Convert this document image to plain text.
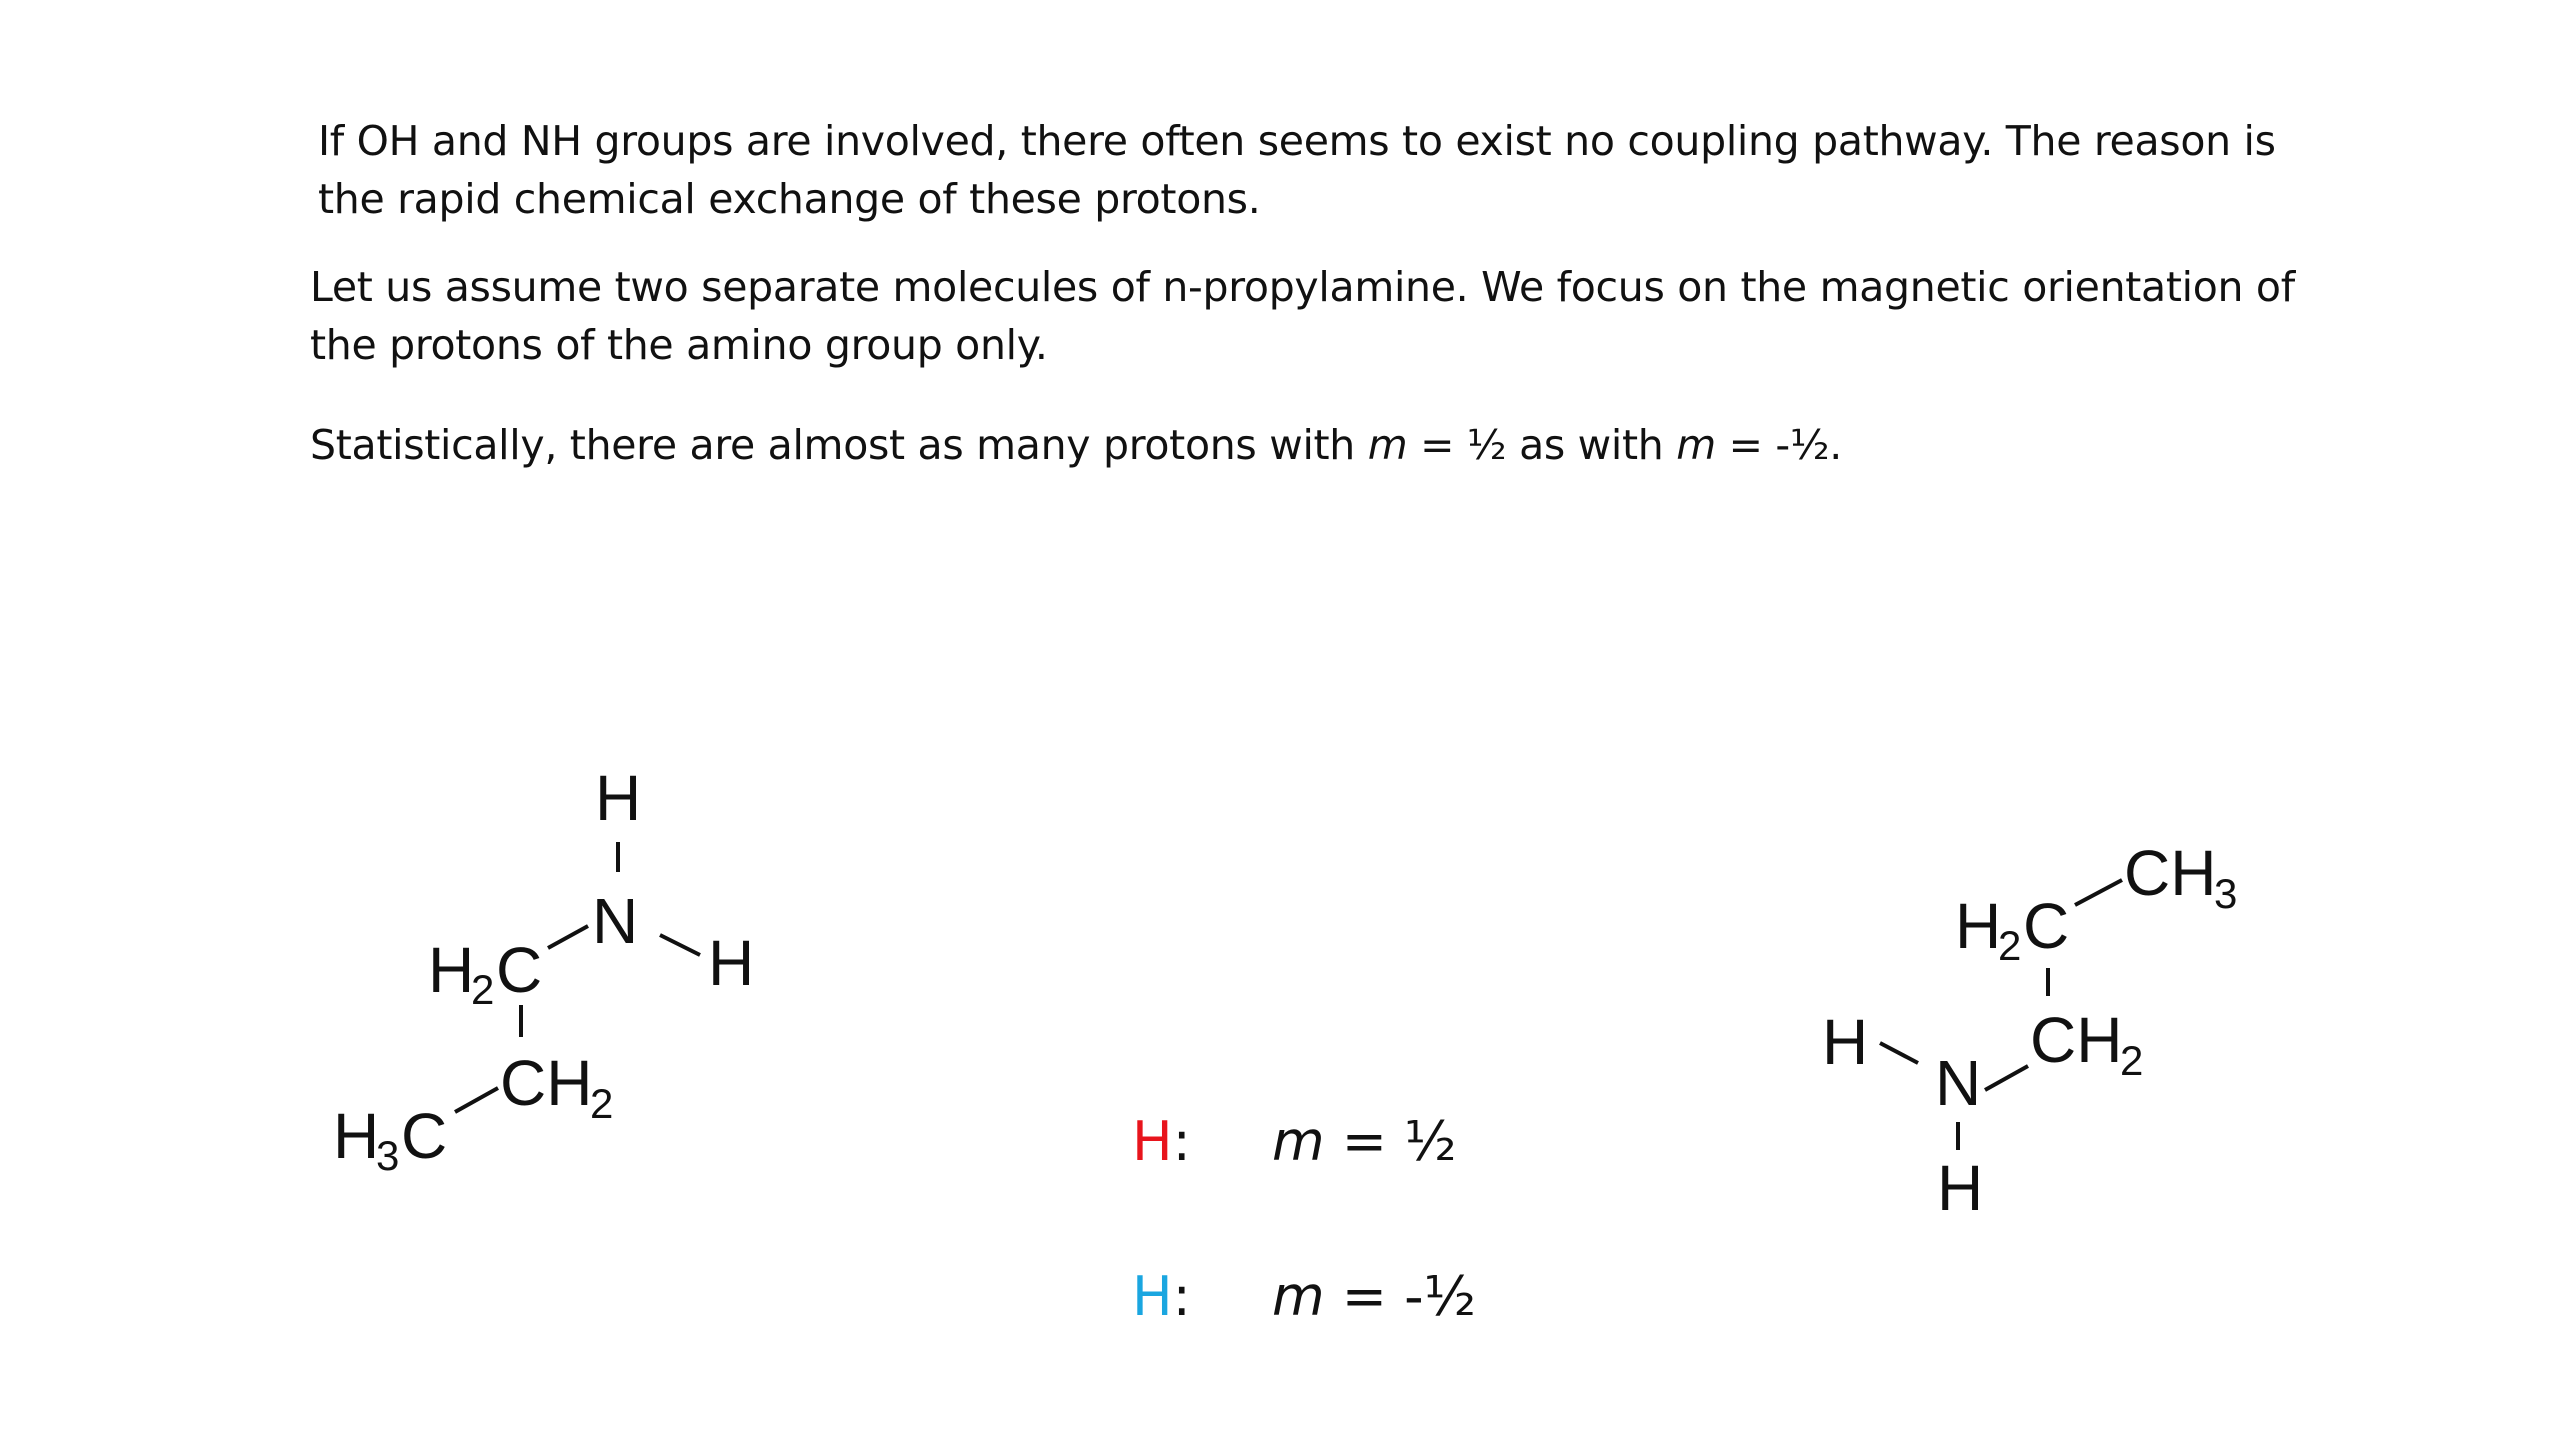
If OH and NH groups are involved, there often seems to exist no coupling pathway. The reason is
the rapid chemical exchange of these protons.

Let us assume two separate molecules of n-propylamine. We focus on the magnetic orientation of
the protons of the amino group only.

Statistically, there are almost as many protons with m = ½ as with m = -½.

H
N
H
H
2 C
CH
2
H
3 C
H
2 C
CH
3
CH
2
H
N
H
H: m = ½
H: m = -½
